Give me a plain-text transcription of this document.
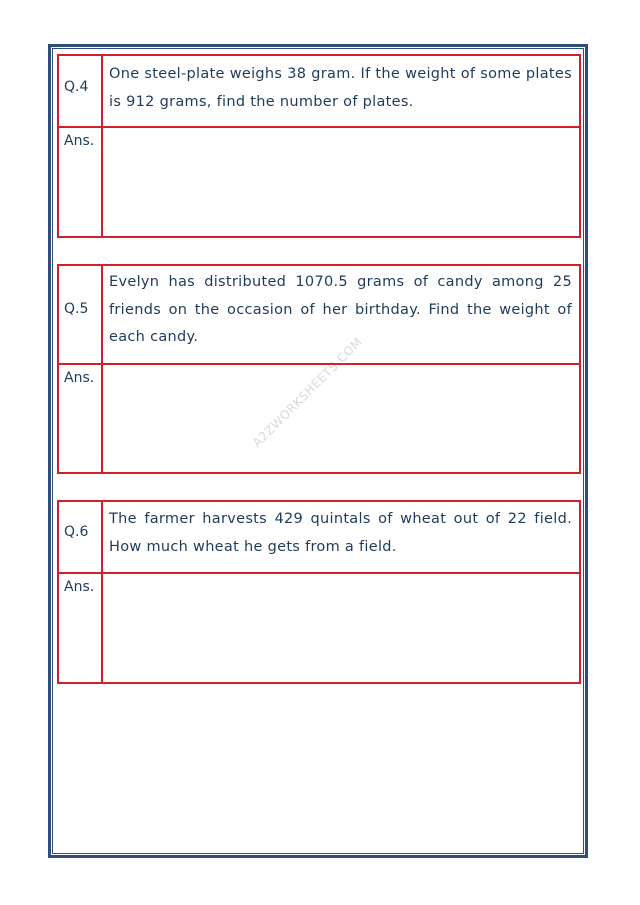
A2ZWORKSHEETS.COM
Q.4
One steel-plate weighs 38 gram. If the weight of some plates is 912 grams, find the number of plates.
Ans.
Q.5
Evelyn has distributed 1070.5 grams of candy among 25 friends on the occasion of her birthday. Find the weight of each candy.
Ans.
Q.6
The farmer harvests 429 quintals of wheat out of 22 field. How much wheat he gets from a field.
Ans.
